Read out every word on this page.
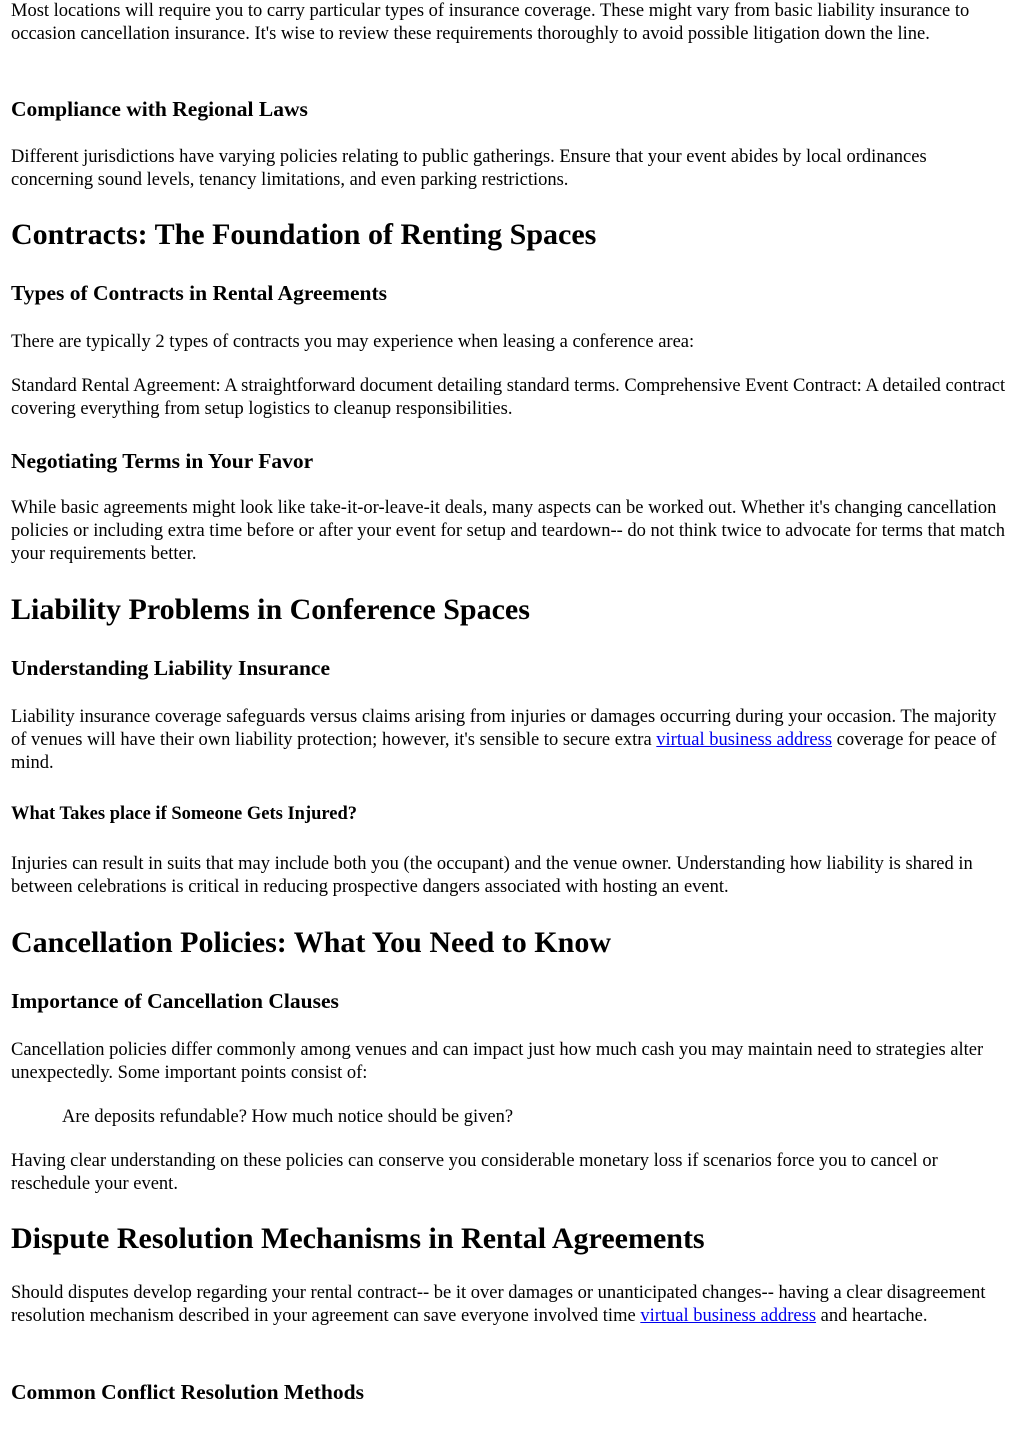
Most locations will require you to carry particular types of insurance coverage. These might vary from basic liability insurance to occasion cancellation insurance. It's wise to review these requirements thoroughly to avoid possible litigation down the line.

Compliance with Regional Laws

Different jurisdictions have varying policies relating to public gatherings. Ensure that your event abides by local ordinances concerning sound levels, tenancy limitations, and even parking restrictions.

Contracts: The Foundation of Renting Spaces
Types of Contracts in Rental Agreements

There are typically 2 types of contracts you may experience when leasing a conference area:

Standard Rental Agreement: A straightforward document detailing standard terms. Comprehensive Event Contract: A detailed contract covering everything from setup logistics to cleanup responsibilities.

Negotiating Terms in Your Favor

While basic agreements might look like take-it-or-leave-it deals, many aspects can be worked out. Whether it's changing cancellation policies or including extra time before or after your event for setup and teardown-- do not think twice to advocate for terms that match your requirements better.

Liability Problems in Conference Spaces
Understanding Liability Insurance

Liability insurance coverage safeguards versus claims arising from injuries or damages occurring during your occasion. The majority of venues will have their own liability protection; however, it's sensible to secure extra virtual business address coverage for peace of mind.

What Takes place if Someone Gets Injured?

Injuries can result in suits that may include both you (the occupant) and the venue owner. Understanding how liability is shared in between celebrations is critical in reducing prospective dangers associated with hosting an event.

Cancellation Policies: What You Need to Know
Importance of Cancellation Clauses

Cancellation policies differ commonly among venues and can impact just how much cash you may maintain need to strategies alter unexpectedly. Some important points consist of:

Are deposits refundable? How much notice should be given?

Having clear understanding on these policies can conserve you considerable monetary loss if scenarios force you to cancel or reschedule your event.

Dispute Resolution Mechanisms in Rental Agreements

Should disputes develop regarding your rental contract-- be it over damages or unanticipated changes-- having a clear disagreement resolution mechanism described in your agreement can save everyone involved time virtual business address and heartache.

Common Conflict Resolution Methods
